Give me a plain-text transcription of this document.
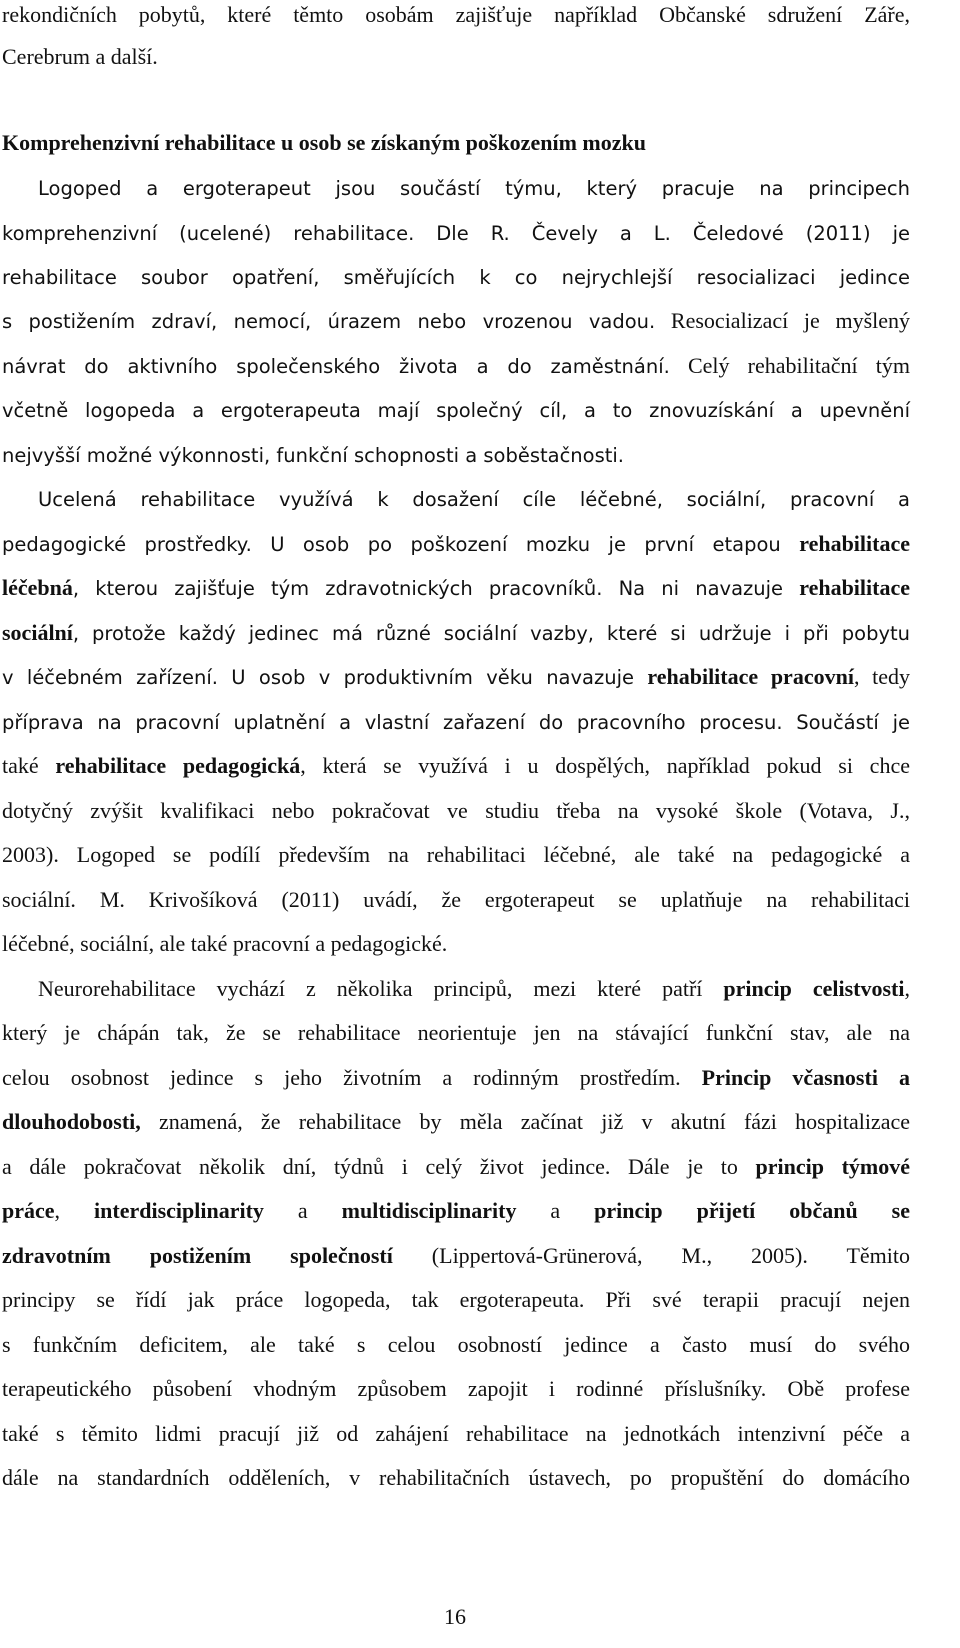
rekondičních pobytů, které těmto osobám zajišťuje například Občanské sdružení Záře,
Cerebrum a další.
Komprehenzivní rehabilitace u osob se získaným poškozením mozku
Logoped a ergoterapeut jsou součástí týmu, který pracuje na principech
komprehenzivní (ucelené) rehabilitace. Dle R. Čevely a L. Čeledové (2011) je
rehabilitace soubor opatření, směřujících k co nejrychlejší resocializaci jedince
s postižením zdraví, nemocí, úrazem nebo vrozenou vadou. Resocializací je myšlený
návrat do aktivního společenského života a do zaměstnání. Celý rehabilitační tým
včetně logopeda a ergoterapeuta mají společný cíl, a to znovuzískání a upevnění
nejvyšší možné výkonnosti, funkční schopnosti a soběstačnosti.
Ucelená rehabilitace využívá k dosažení cíle léčebné, sociální, pracovní a
pedagogické prostředky. U osob po poškození mozku je první etapou rehabilitace
léčebná, kterou zajišťuje tým zdravotnických pracovníků. Na ni navazuje rehabilitace
sociální, protože každý jedinec má různé sociální vazby, které si udržuje i při pobytu
v léčebném zařízení. U osob v produktivním věku navazuje rehabilitace pracovní, tedy
příprava na pracovní uplatnění a vlastní zařazení do pracovního procesu. Součástí je
také rehabilitace pedagogická, která se využívá i u dospělých, například pokud si chce
dotyčný zvýšit kvalifikaci nebo pokračovat ve studiu třeba na vysoké škole (Votava, J.,
2003). Logoped se podílí především na rehabilitaci léčebné, ale také na pedagogické a
sociální. M. Krivošíková (2011) uvádí, že ergoterapeut se uplatňuje na rehabilitaci
léčebné, sociální, ale také pracovní a pedagogické.
Neurorehabilitace vychází z několika principů, mezi které patří princip celistvosti,
který je chápán tak, že se rehabilitace neorientuje jen na stávající funkční stav, ale na
celou osobnost jedince s jeho životním a rodinným prostředím. Princip včasnosti a
dlouhodobosti, znamená, že rehabilitace by měla začínat již v akutní fázi hospitalizace
a dále pokračovat několik dní, týdnů i celý život jedince. Dále je to princip týmové
práce, interdisciplinarity a multidisciplinarity a princip přijetí občanů se
zdravotním postižením společností (Lippertová-Grünerová, M., 2005). Těmito
principy se řídí jak práce logopeda, tak ergoterapeuta. Při své terapii pracují nejen
s funkčním deficitem, ale také s celou osobností jedince a často musí do svého
terapeutického působení vhodným způsobem zapojit i rodinné příslušníky. Obě profese
také s těmito lidmi pracují již od zahájení rehabilitace na jednotkách intenzivní péče a
dále na standardních odděleních, v rehabilitačních ústavech, po propuštění do domácího
16
